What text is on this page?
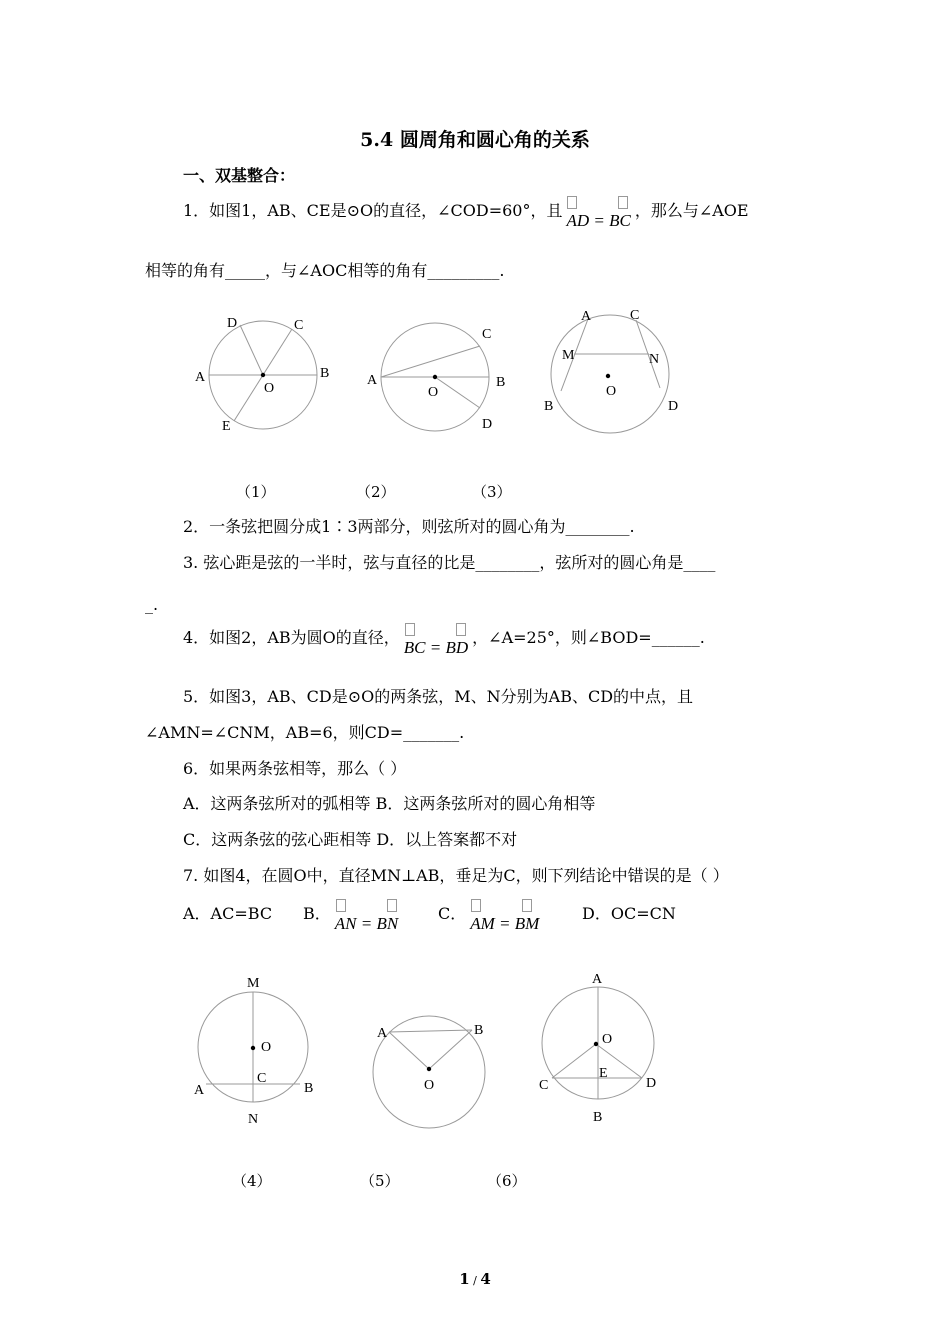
5.4 圆周角和圆心角的关系
一、双基整合：
1．如图1，AB、CE是⊙O的直径，∠COD=60°，且
AD = BC，那么与∠AOE
相等的角有_____，与∠AOC相等的角有_________.
D	C
A
O
B
E
C
A
O
B
D
A	C
M	N
O
B	D
（1）	（2）	（3）
2．一条弦把圆分成1∶3两部分，则弦所对的圆心角为________.
3. 弦心距是弦的一半时，弦与直径的比是________，弦所对的圆心角是____
_.
4．如图2，AB为圆O的直径，
BC = BD，∠A=25°，则∠BOD=______.
5．如图3，AB、CD是⊙O的两条弦，M、N分别为AB、CD的中点，且
∠AMN=∠CNM，AB=6，则CD=_______.
6．如果两条弦相等，那么（ ）
A．这两条弦所对的弧相等 B．这两条弦所对的圆心角相等
C．这两条弦的弦心距相等 D．以上答案都不对
7. 如图4，在圆O中，直径MN⊥AB，垂足为C，则下列结论中错误的是（ ）
A．AC=BC B．
AN = BN
C．
AM = BM
D．OC=CN
M
O
C
A	B
N
A	B
O
A
O
E
C	D
B
（4）	（5）	（6）
1 / 4
